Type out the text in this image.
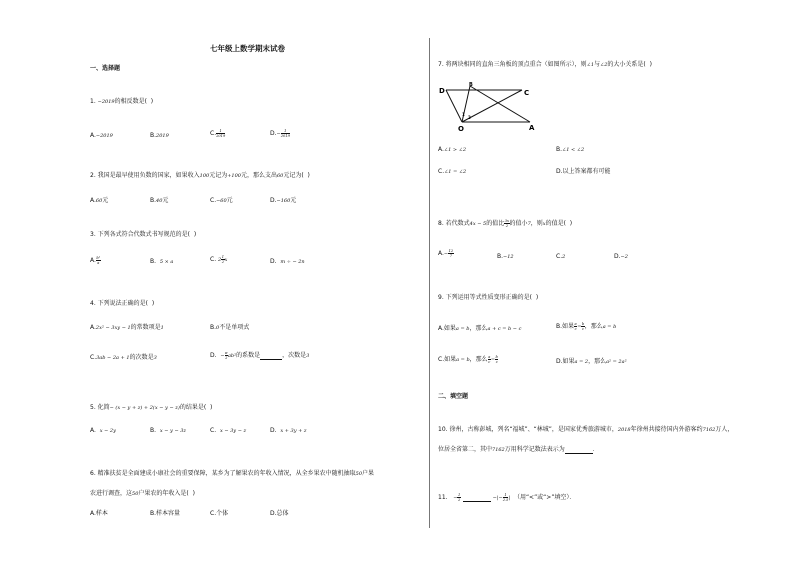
七年级上数学期末试卷
一、选择题
1. −2019的相反数是( )
A.−2019	B.2019	C. $\frac{1}{2019}$	$D.- \frac{1}{2019}$
2. 我国是最早使用负数的国家，如果收入100元记为+100元，那么支出60元记为( )
A.60元	B.40元	C.−60元	D.−160元
3. 下列各式符合代数式书写规范的是( )
A. $\frac{\text{b²}}{a}$	B. 5 × a	C. $2 \frac{1}{2}$ x	D. m ÷ − 2n
4. 下列说法正确的是( )
A.2x² − 3xy − 1的常数项是1	B.0不是单项式
C.3ab − 2a + 1的次数是3	D. − $\frac{\pi}{2} ab^2$的系数是	，次数是3
5. 化简− (x − y + z) + 2(x − y − z)的结果是( )
A. x − 2y	B. x − y − 3z	C. x − 3y − z	D. x + 3y + z
6. 精准扶贫是全面建成小康社会的重要保障，某乡为了解果农的年收入情况，从全乡果农中随机抽取50户果
农进行调查，这50户果农的年收入是( )
A.样本	B.样本容量	C.个体	D.总体
7. 将两块相同的直角三角板的顶点重合（如图所示），则∠1与∠2的大小关系是( )
D	C
O	A
B
1
2
A.∠1 > ∠2	B.∠1 < ∠2
C.∠1 = ∠2	D.以上答案都有可能
8. 若代数式4x − 5的值比 $\frac{3x}{2}$ 的值小7，则x的值是( )
$A.- \frac{12}{7}$	B.−12	C.2	D.−2
9. 下列运用等式性质变形正确的是( )
A.如果a = b，那么a + c = b − c	B.如果 $\frac{a}{c} = \frac{b}{c}$ ，那么a = b
C.如果a = b，那么 $\frac{a}{c} = \frac{b}{c}$	D.如果a = 2，那么a² = 2a²
二、填空题
10. 徐州，古称彭城，列名“福城”、“林城”，是国家优秀旅游城市，2018年徐州共接待国内外游客约7162万人，
位居全省第二，其中7162万用科学记数法表示为	．
11. − $\frac{1}{2}$	−|− $\frac{1}{2.5}$ | （用“<”或“>”填空）．
